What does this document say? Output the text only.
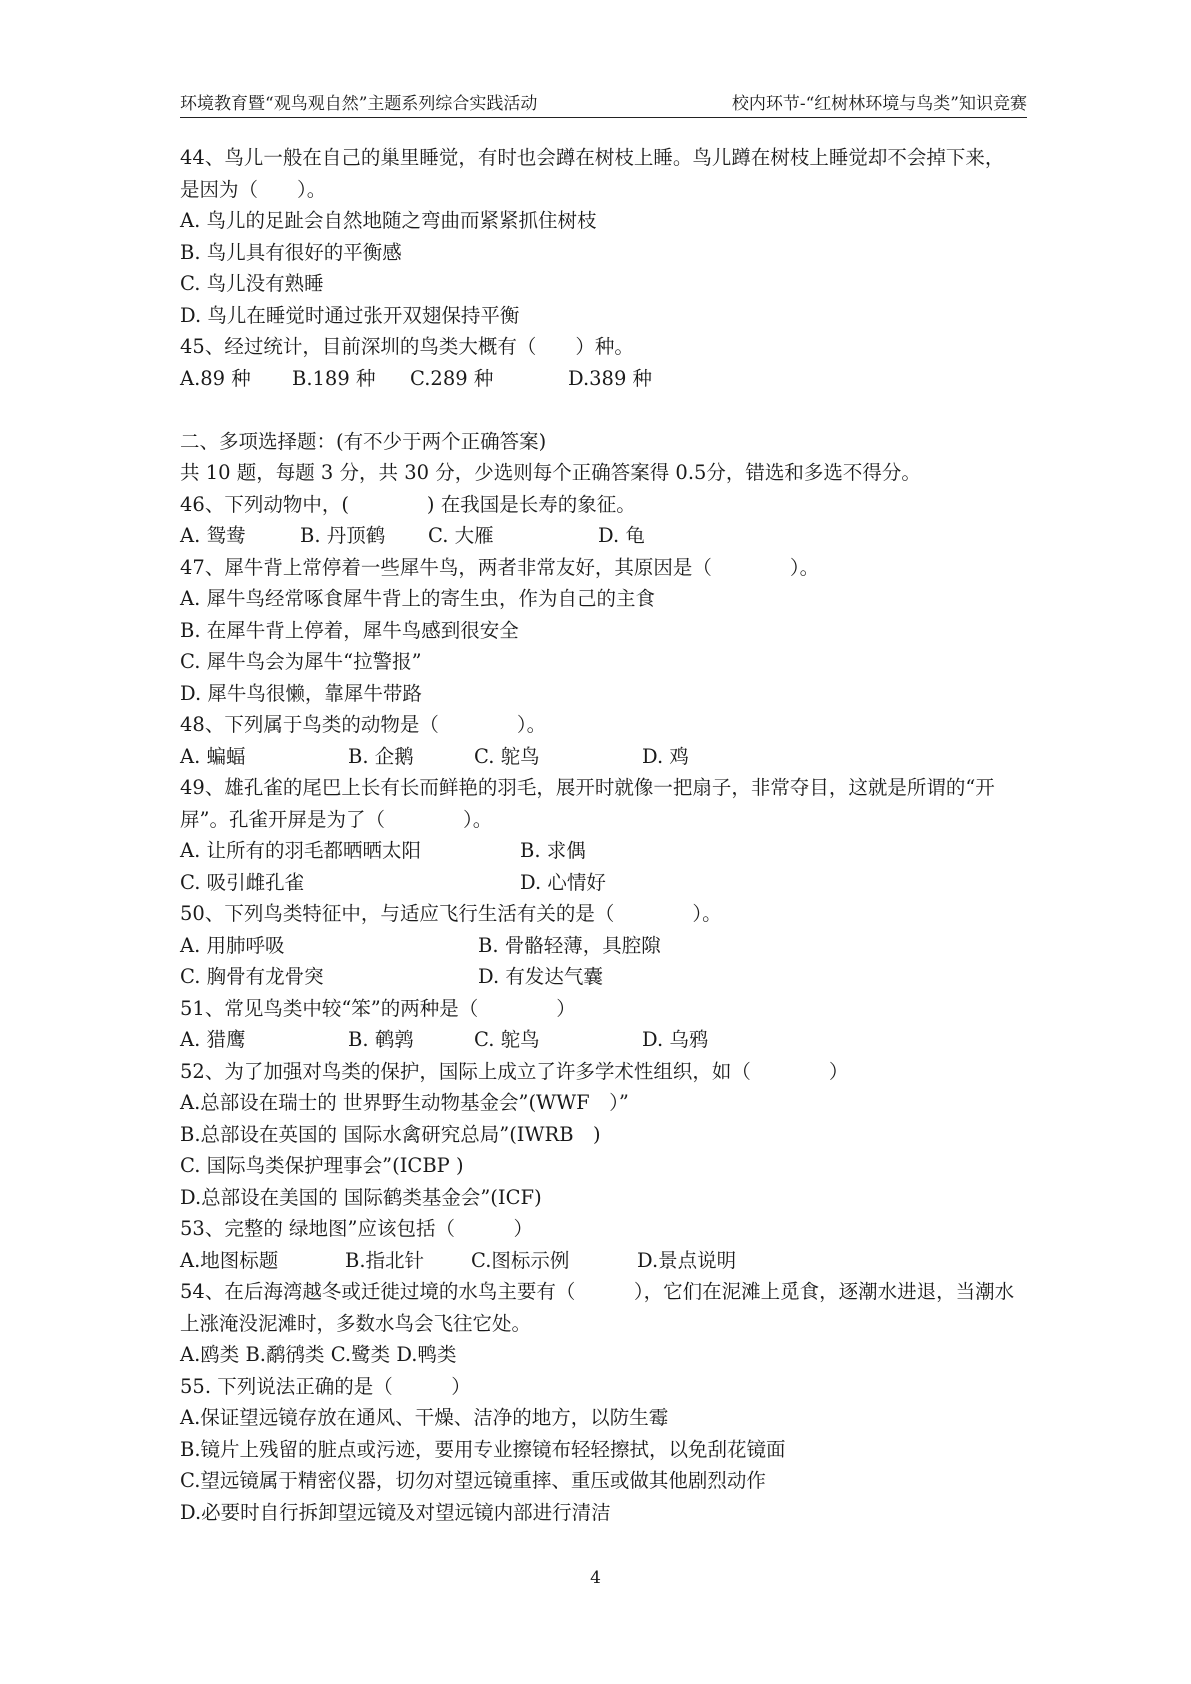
环境教育暨“观鸟观自然”主题系列综合实践活动	校内环节-“红树林环境与鸟类”知识竞赛
44、鸟儿一般在自己的巢里睡觉，有时也会蹲在树枝上睡。鸟儿蹲在树枝上睡觉却不会掉下来，是因为（　　）。
A. 鸟儿的足趾会自然地随之弯曲而紧紧抓住树枝
B. 鸟儿具有很好的平衡感
C. 鸟儿没有熟睡
D. 鸟儿在睡觉时通过张开双翅保持平衡
45、经过统计，目前深圳的鸟类大概有（　　）种。
A.89 种	B.189 种	C.289 种	D.389 种
二、多项选择题：(有不少于两个正确答案)
共 10 题，每题 3 分，共 30 分，少选则每个正确答案得 0.5分，错选和多选不得分。
46、下列动物中，(　　　　) 在我国是长寿的象征。
A. 鸳鸯	B. 丹顶鹤	C. 大雁	D. 龟
47、犀牛背上常停着一些犀牛鸟，两者非常友好，其原因是（　　　　）。
A. 犀牛鸟经常啄食犀牛背上的寄生虫，作为自己的主食
B. 在犀牛背上停着，犀牛鸟感到很安全
C. 犀牛鸟会为犀牛“拉警报”
D. 犀牛鸟很懒，靠犀牛带路
48、下列属于鸟类的动物是（　　　　）。
A. 蝙蝠	B. 企鹅	C. 鸵鸟	D. 鸡
49、雄孔雀的尾巴上长有长而鲜艳的羽毛，展开时就像一把扇子，非常夺目，这就是所谓的“开屏”。孔雀开屏是为了（　　　　）。
A. 让所有的羽毛都晒晒太阳	B. 求偶
C. 吸引雌孔雀	D. 心情好
50、下列鸟类特征中，与适应飞行生活有关的是（　　　　）。
A. 用肺呼吸	B. 骨骼轻薄，具腔隙
C. 胸骨有龙骨突	D. 有发达气囊
51、常见鸟类中较“笨”的两种是（　　　　）
A. 猎鹰	B. 鹌鹑	C. 鸵鸟	D. 乌鸦
52、为了加强对鸟类的保护，国际上成立了许多学术性组织，如（　　　　）
A.总部设在瑞士的 世界野生动物基金会”(WWF　）”
B.总部设在英国的 国际水禽研究总局”(IWRB　)
C. 国际鸟类保护理事会”(ICBP )
D.总部设在美国的 国际鹤类基金会”(ICF)
53、完整的 绿地图”应该包括（　　　）
A.地图标题	B.指北针	C.图标示例	D.景点说明
54、在后海湾越冬或迁徙过境的水鸟主要有（　　　），它们在泥滩上觅食，逐潮水进退，当潮水上涨淹没泥滩时，多数水鸟会飞往它处。
A.鸥类 B.鹬鸻类 C.鹭类 D.鸭类
55. 下列说法正确的是（　　　）
A.保证望远镜存放在通风、干燥、洁净的地方，以防生霉
B.镜片上残留的脏点或污迹，要用专业擦镜布轻轻擦拭，以免刮花镜面
C.望远镜属于精密仪器，切勿对望远镜重摔、重压或做其他剧烈动作
D.必要时自行拆卸望远镜及对望远镜内部进行清洁
4
